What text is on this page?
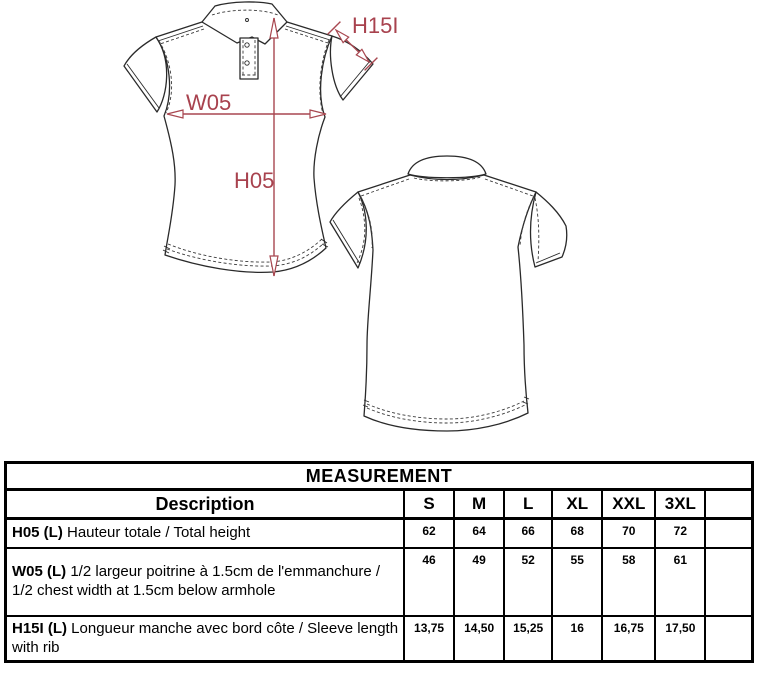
W05
H05
H15I
MEASUREMENT							
Description	S	M	L	XL	XXL	3XL	
H05 (L) Hauteur totale / Total height	62	64	66	68	70	72	
W05 (L) 1/2 largeur poitrine à 1.5cm de l'emmanchure / 1/2 chest width at 1.5cm below armhole	46	49	52	55	58	61	
H15I (L) Longueur manche avec bord côte / Sleeve length with rib	13,75	14,50	15,25	16	16,75	17,50	
